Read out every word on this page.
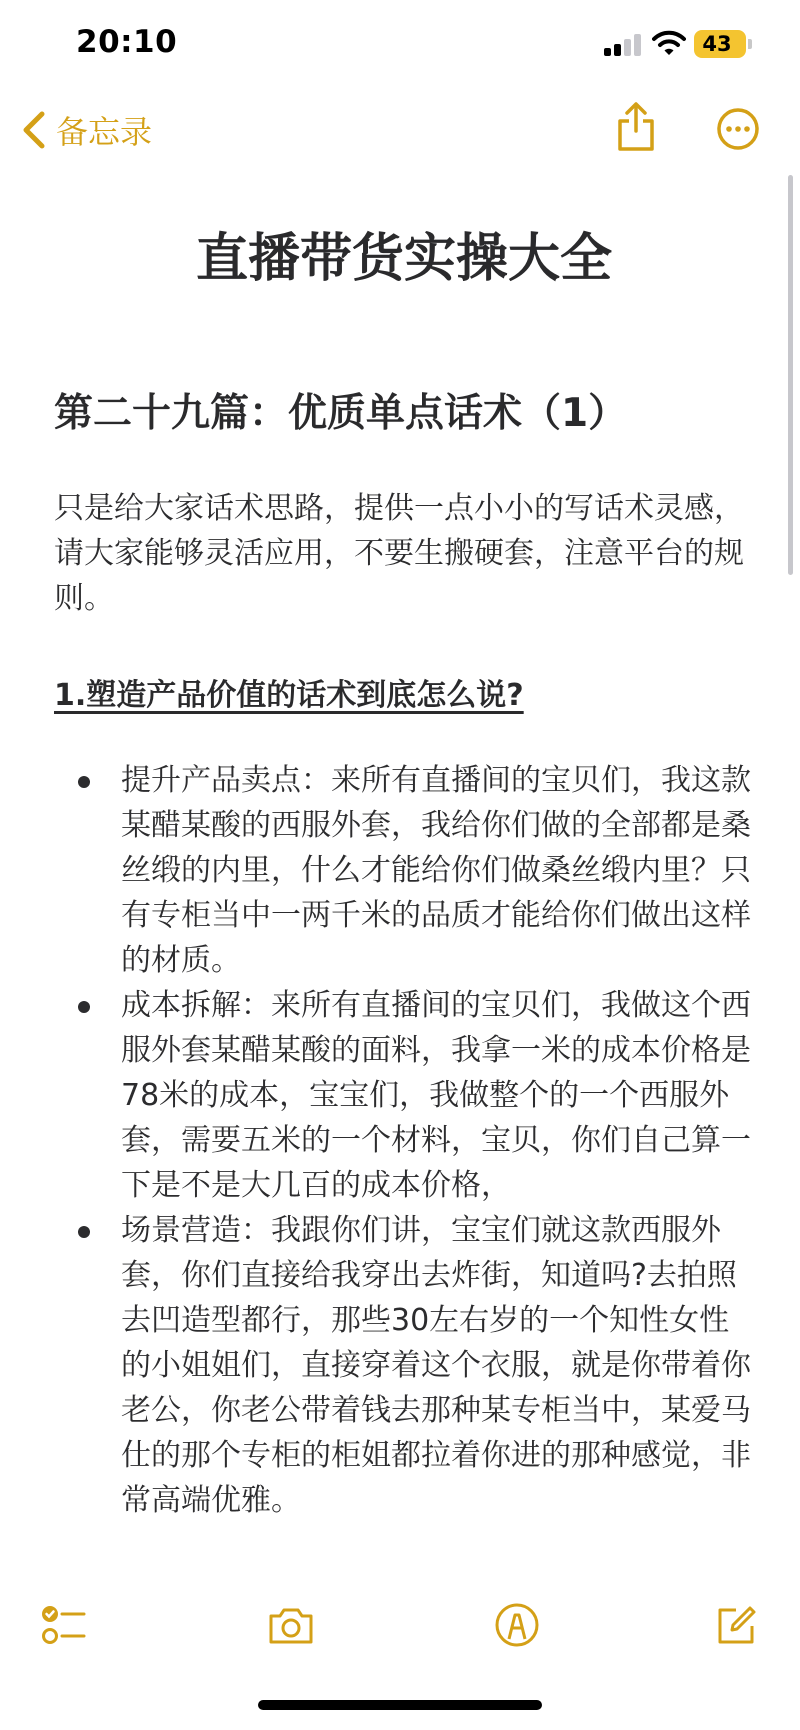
20:10	43
备忘录
直播带货实操大全
第二十九篇：优质单点话术（1）
只是给大家话术思路，提供一点小小的写话术灵感，请大家能够灵活应用，不要生搬硬套，注意平台的规则。
1.塑造产品价值的话术到底怎么说?
提升产品卖点：来所有直播间的宝贝们，我这款某醋某酸的西服外套，我给你们做的全部都是桑丝缎的内里，什么才能给你们做桑丝缎内里？只有专柜当中一两千米的品质才能给你们做出这样的材质。
成本拆解：来所有直播间的宝贝们，我做这个西服外套某醋某酸的面料，我拿一米的成本价格是78米的成本，宝宝们，我做整个的一个西服外套，需要五米的一个材料，宝贝，你们自己算一下是不是大几百的成本价格，
场景营造：我跟你们讲，宝宝们就这款西服外套，你们直接给我穿出去炸街，知道吗?去拍照去凹造型都行，那些30左右岁的一个知性女性的小姐姐们，直接穿着这个衣服，就是你带着你老公，你老公带着钱去那种某专柜当中，某爱马仕的那个专柜的柜姐都拉着你进的那种感觉，非常高端优雅。
